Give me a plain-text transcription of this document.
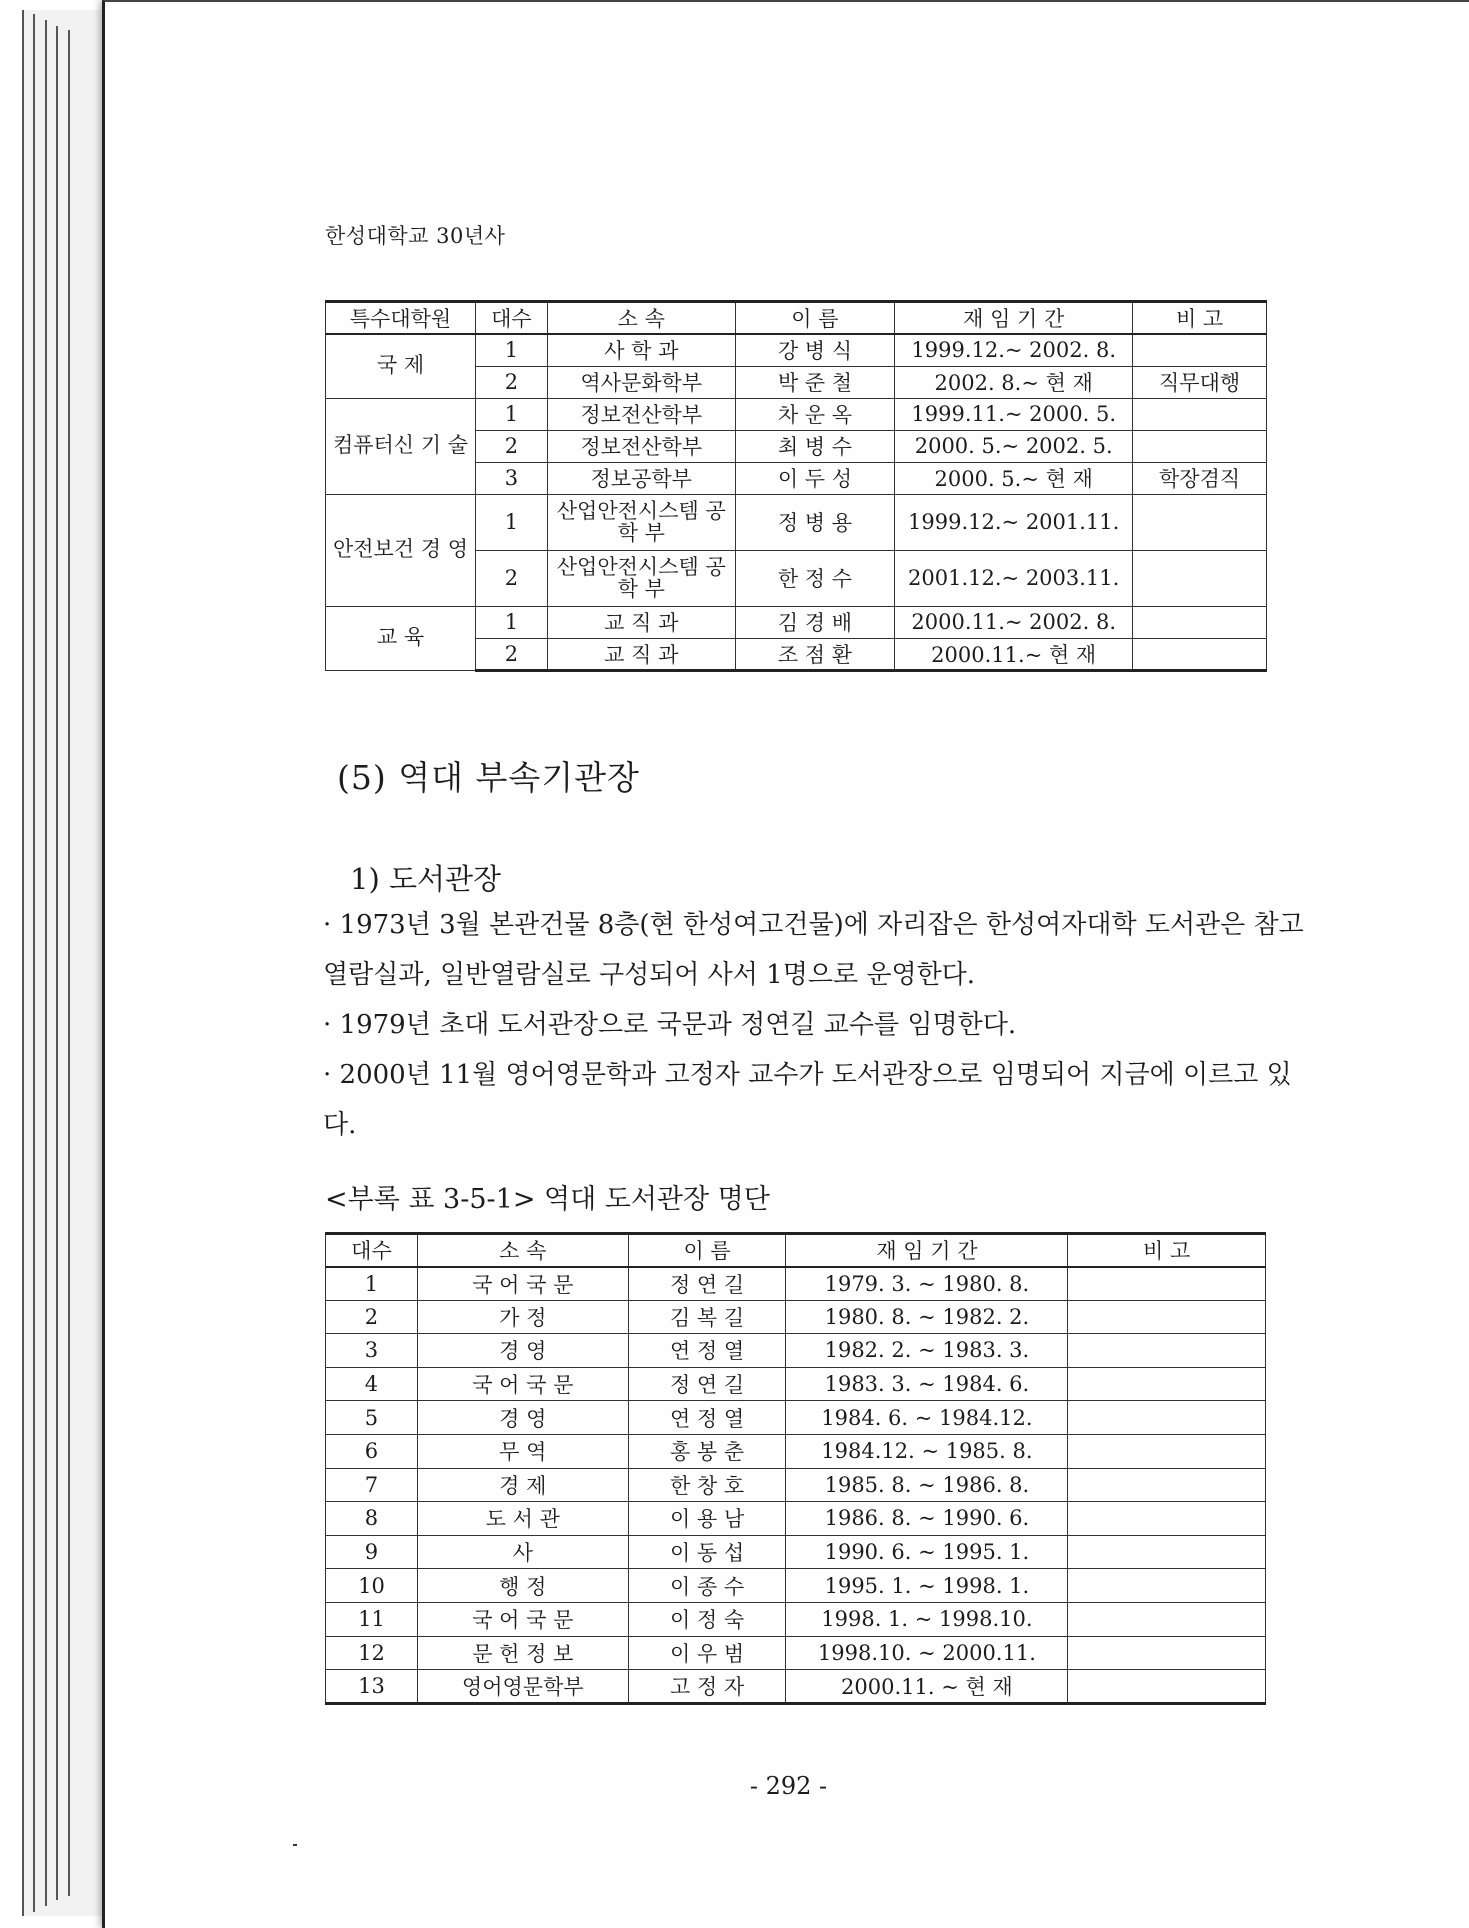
한성대학교 30년사
특수대학원	대수	소 속	이 름	재 임 기 간	비 고
국 제	1	사 학 과	강 병 식	1999.12.~ 2002. 8.	
	2	역사문화학부	박 준 철	2002. 8.~ 현 재	직무대행
컴퓨터신 기 술	1	정보전산학부	차 운 옥	1999.11.~ 2000. 5.	
	2	정보전산학부	최 병 수	2000. 5.~ 2002. 5.	
	3	정보공학부	이 두 성	2000. 5.~ 현 재	학장겸직
안전보건 경 영	1	산업안전시스템 공 학 부	정 병 용	1999.12.~ 2001.11.	
	2	산업안전시스템 공 학 부	한 정 수	2001.12.~ 2003.11.	
교 육	1	교 직 과	김 경 배	2000.11.~ 2002. 8.	
	2	교 직 과	조 점 환	2000.11.~ 현 재	
(5) 역대 부속기관장
1) 도서관장
· 1973년 3월 본관건물 8층(현 한성여고건물)에 자리잡은 한성여자대학 도서관은 참고열람실과, 일반열람실로 구성되어 사서 1명으로 운영한다.
· 1979년 초대 도서관장으로 국문과 정연길 교수를 임명한다.
· 2000년 11월 영어영문학과 고정자 교수가 도서관장으로 임명되어 지금에 이르고 있다.
<부록 표 3-5-1> 역대 도서관장 명단
대수	소 속	이 름	재 임 기 간	비 고
1	국 어 국 문	정 연 길	1979. 3. ~ 1980. 8.	
2	가 정	김 복 길	1980. 8. ~ 1982. 2.	
3	경 영	연 정 열	1982. 2. ~ 1983. 3.	
4	국 어 국 문	정 연 길	1983. 3. ~ 1984. 6.	
5	경 영	연 정 열	1984. 6. ~ 1984.12.	
6	무 역	홍 봉 춘	1984.12. ~ 1985. 8.	
7	경 제	한 창 호	1985. 8. ~ 1986. 8.	
8	도 서 관	이 용 남	1986. 8. ~ 1990. 6.	
9	사	이 동 섭	1990. 6. ~ 1995. 1.	
10	행 정	이 종 수	1995. 1. ~ 1998. 1.	
11	국 어 국 문	이 정 숙	1998. 1. ~ 1998.10.	
12	문 헌 정 보	이 우 범	1998.10. ~ 2000.11.	
13	영어영문학부	고 정 자	2000.11. ~ 현 재	
- 292 -
